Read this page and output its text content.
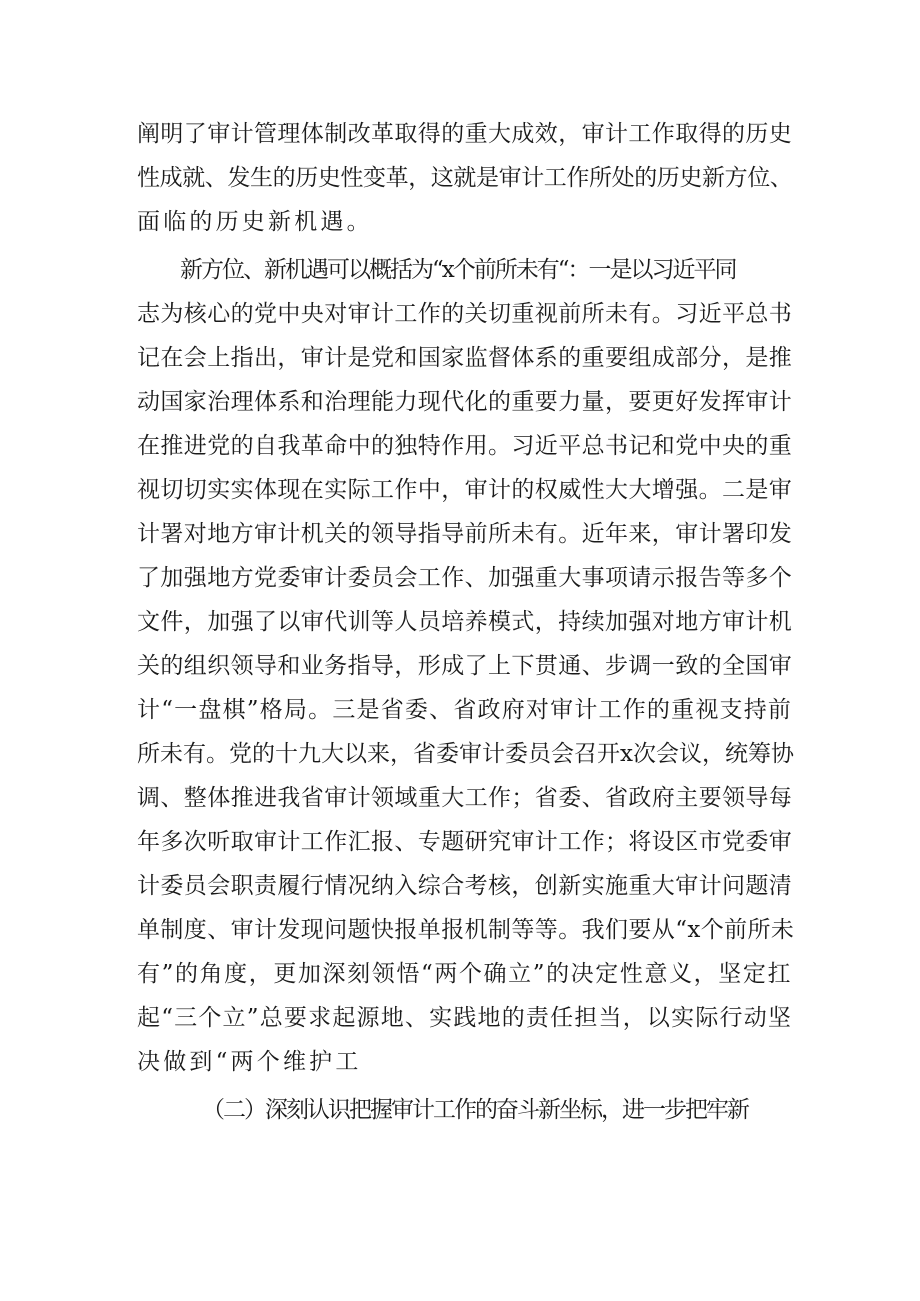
阐明了审计管理体制改革取得的重大成效，审计工作取得的历史
性成就、发生的历史性变革，这就是审计工作所处的历史新方位、
面临的历史新机遇。
新方位、新机遇可以概括为“x个前所未有“：一是以习近平同
志为核心的党中央对审计工作的关切重视前所未有。习近平总书
记在会上指出，审计是党和国家监督体系的重要组成部分，是推
动国家治理体系和治理能力现代化的重要力量，要更好发挥审计
在推进党的自我革命中的独特作用。习近平总书记和党中央的重
视切切实实体现在实际工作中，审计的权威性大大增强。二是审
计署对地方审计机关的领导指导前所未有。近年来，审计署印发
了加强地方党委审计委员会工作、加强重大事项请示报告等多个
文件，加强了以审代训等人员培养模式，持续加强对地方审计机
关的组织领导和业务指导，形成了上下贯通、步调一致的全国审
计“一盘棋”格局。三是省委、省政府对审计工作的重视支持前
所未有。党的十九大以来，省委审计委员会召开x次会议，统筹协
调、整体推进我省审计领域重大工作；省委、省政府主要领导每
年多次听取审计工作汇报、专题研究审计工作；将设区市党委审
计委员会职责履行情况纳入综合考核，创新实施重大审计问题清
单制度、审计发现问题快报单报机制等等。我们要从“x个前所未
有”的角度，更加深刻领悟“两个确立”的决定性意义，坚定扛
起“三个立”总要求起源地、实践地的责任担当，以实际行动坚
决做到“两个维护工
（二）深刻认识把握审计工作的奋斗新坐标，进一步把牢新
